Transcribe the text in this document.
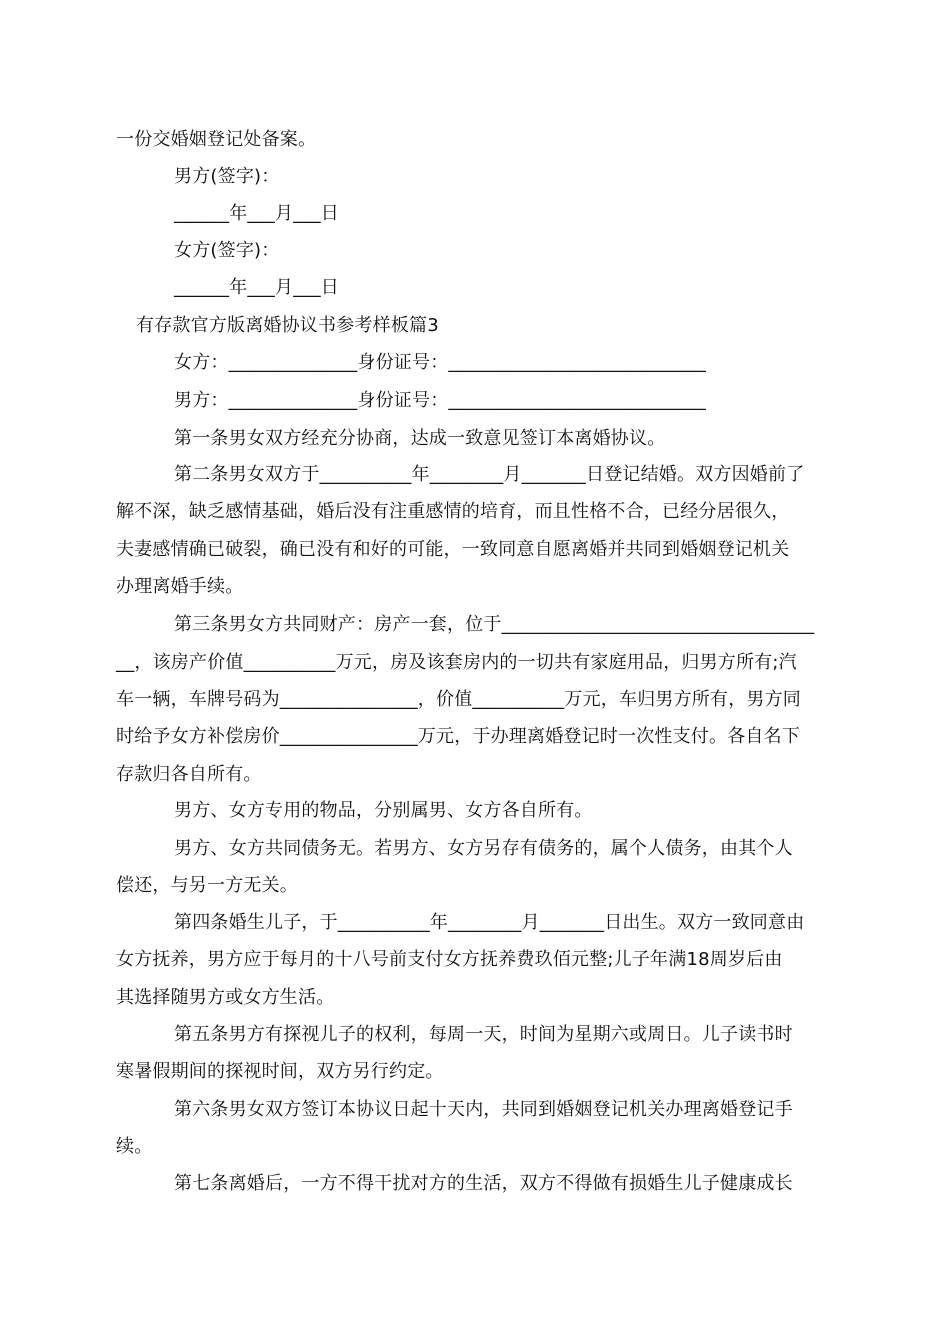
一份交婚姻登记处备案。
男方(签字)：
______年___月___日
女方(签字)：
______年___月___日
有存款官方版离婚协议书参考样板篇3
女方：______________身份证号：____________________________
男方：______________身份证号：____________________________
第一条男女双方经充分协商，达成一致意见签订本离婚协议。
第二条男女双方于__________年________月_______日登记结婚。双方因婚前了
解不深，缺乏感情基础，婚后没有注重感情的培育，而且性格不合，已经分居很久，
夫妻感情确已破裂，确已没有和好的可能，一致同意自愿离婚并共同到婚姻登记机关
办理离婚手续。
第三条男女方共同财产：房产一套，位于__________________________________
__，该房产价值__________万元，房及该套房内的一切共有家庭用品，归男方所有;汽
车一辆，车牌号码为_______________，价值__________万元，车归男方所有，男方同
时给予女方补偿房价_______________万元，于办理离婚登记时一次性支付。各自名下
存款归各自所有。
男方、女方专用的物品，分别属男、女方各自所有。
男方、女方共同债务无。若男方、女方另存有债务的，属个人债务，由其个人
偿还，与另一方无关。
第四条婚生儿子，于__________年________月_______日出生。双方一致同意由
女方抚养，男方应于每月的十八号前支付女方抚养费玖佰元整;儿子年满18周岁后由
其选择随男方或女方生活。
第五条男方有探视儿子的权利，每周一天，时间为星期六或周日。儿子读书时
寒暑假期间的探视时间，双方另行约定。
第六条男女双方签订本协议日起十天内，共同到婚姻登记机关办理离婚登记手
续。
第七条离婚后，一方不得干扰对方的生活，双方不得做有损婚生儿子健康成长
